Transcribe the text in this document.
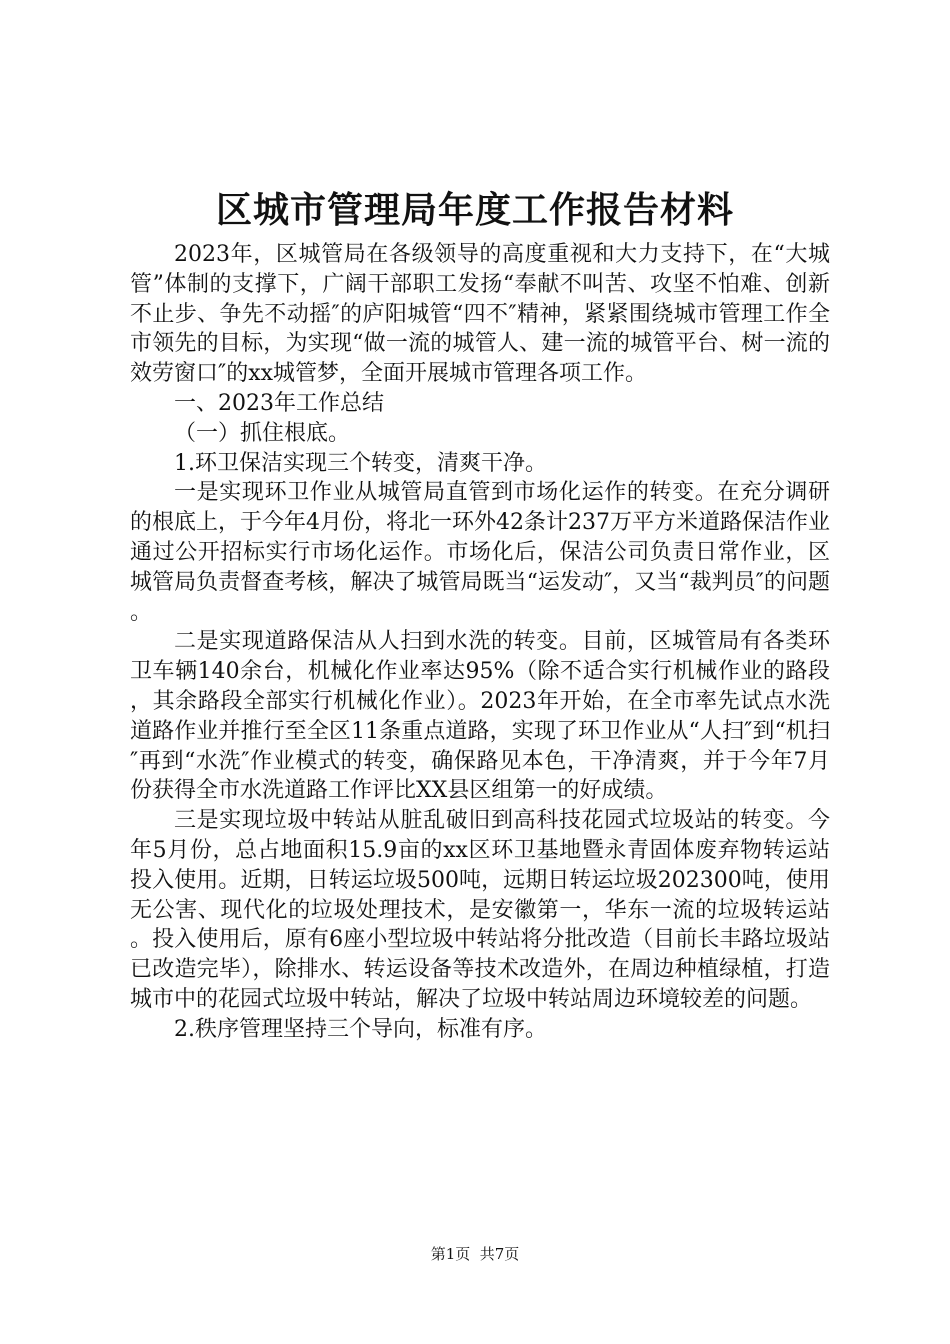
区城市管理局年度工作报告材料

2023年，区城管局在各级领导的高度重视和大力支持下，在“大城管”体制的支撑下，广阔干部职工发扬“奉献不叫苦、攻坚不怕难、创新不止步、争先不动摇″的庐阳城管“四不″精神，紧紧围绕城市管理工作全市领先的目标，为实现“做一流的城管人、建一流的城管平台、树一流的效劳窗口″的xx城管梦，全面开展城市管理各项工作。

一、2023年工作总结

（一）抓住根底。

1.环卫保洁实现三个转变，清爽干净。

一是实现环卫作业从城管局直管到市场化运作的转变。在充分调研的根底上，于今年4月份，将北一环外42条计237万平方米道路保洁作业通过公开招标实行市场化运作。市场化后，保洁公司负责日常作业，区城管局负责督查考核，解决了城管局既当“运发动″，又当“裁判员″的问题。

二是实现道路保洁从人扫到水洗的转变。目前，区城管局有各类环卫车辆140余台，机械化作业率达95%（除不适合实行机械作业的路段，其余路段全部实行机械化作业）。2023年开始，在全市率先试点水洗道路作业并推行至全区11条重点道路，实现了环卫作业从“人扫″到“机扫″再到“水洗″作业模式的转变，确保路见本色，干净清爽，并于今年7月份获得全市水洗道路工作评比XX县区组第一的好成绩。

三是实现垃圾中转站从脏乱破旧到高科技花园式垃圾站的转变。今年5月份，总占地面积15.9亩的xx区环卫基地暨永青固体废弃物转运站投入使用。近期，日转运垃圾500吨，远期日转运垃圾202300吨，使用无公害、现代化的垃圾处理技术，是安徽第一，华东一流的垃圾转运站。投入使用后，原有6座小型垃圾中转站将分批改造（目前长丰路垃圾站已改造完毕），除排水、转运设备等技术改造外，在周边种植绿植，打造城市中的花园式垃圾中转站，解决了垃圾中转站周边环境较差的问题。

2.秩序管理坚持三个导向，标准有序。

第1页  共7页
